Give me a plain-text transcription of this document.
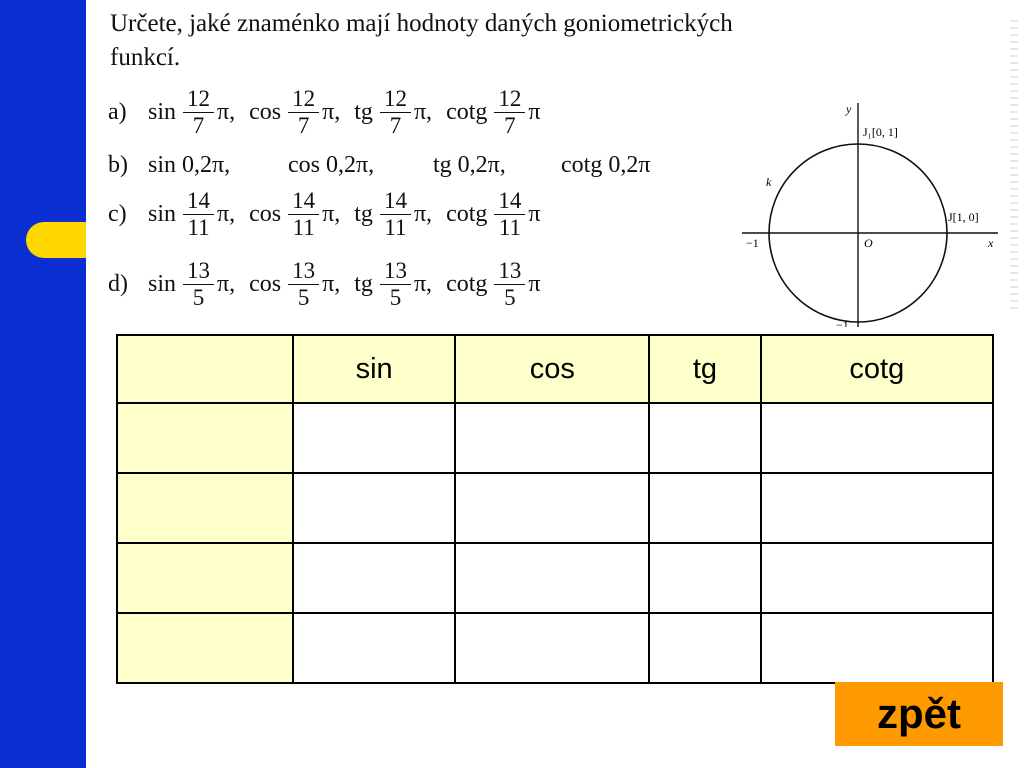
Určete, jaké znaménko mají hodnoty daných goniometrických
funkcí.
a) $\sin \frac{12}{7} \pi$, $\cos \frac{12}{7} \pi$, tg $\frac{12}{7} \pi$, cotg $\frac{12}{7}$ π
b) sin 0,2π,	cos 0,2π,	tg 0,2π,	cotg 0,2π
c) $\sin \frac{14}{11} \pi$, $\cos \frac{14}{11} \pi$, tg $\frac{14}{11} \pi$, cotg $\frac{14}{11}$ π
d) $\sin \frac{13}{5} \pi$, $\cos \frac{13}{5} \pi$, tg $\frac{13}{5} \pi$, cotg $\frac{13}{5}$ π
y
x
J₁[0, 1]
J[1, 0]
k
O
−1
−1
	sin	cos	tg	cotg

zpět
